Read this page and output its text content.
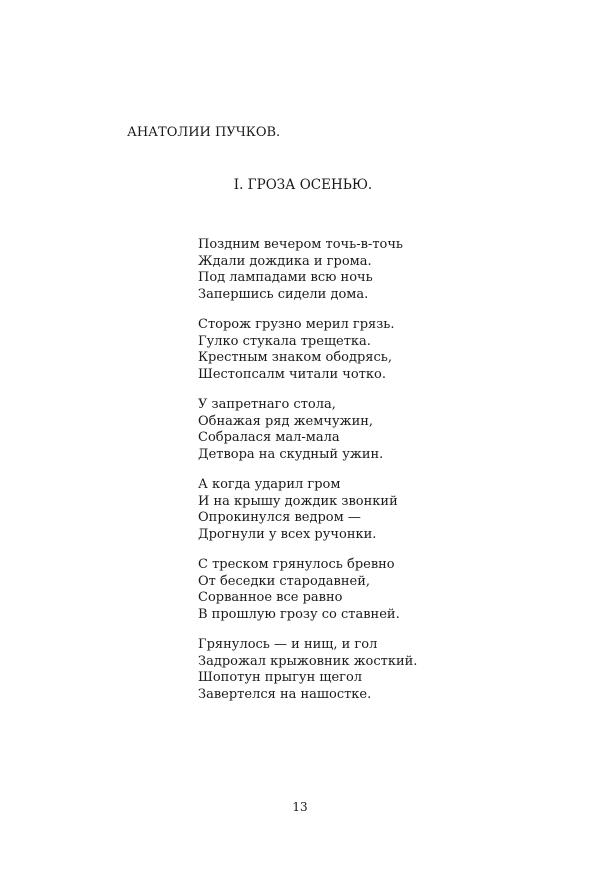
АНАТОЛИИ ПУЧКОВ.
I. ГРОЗА ОСЕНЬЮ.
Поздним вечером точь-в-точь
Ждали дождика и грома.
Под лампадами всю ночь
Запершись сидели дома.
Сторож грузно мерил грязь.
Гулко стукала трещетка.
Крестным знаком ободрясь,
Шестопсалм читали чотко.
У запретнаго стола,
Обнажая ряд жемчужин,
Собралася мал-мала
Детвора на скудный ужин.
А когда ударил гром
И на крышу дождик звонкий
Опрокинулся ведром —
Дрогнули у всех ручонки.
С треском грянулось бревно
От беседки стародавней,
Сорванное все равно
В прошлую грозу со ставней.
Грянулось — и нищ, и гол
Задрожал крыжовник жосткий.
Шопотун прыгун щегол
Завертелся на нашостке.
13
